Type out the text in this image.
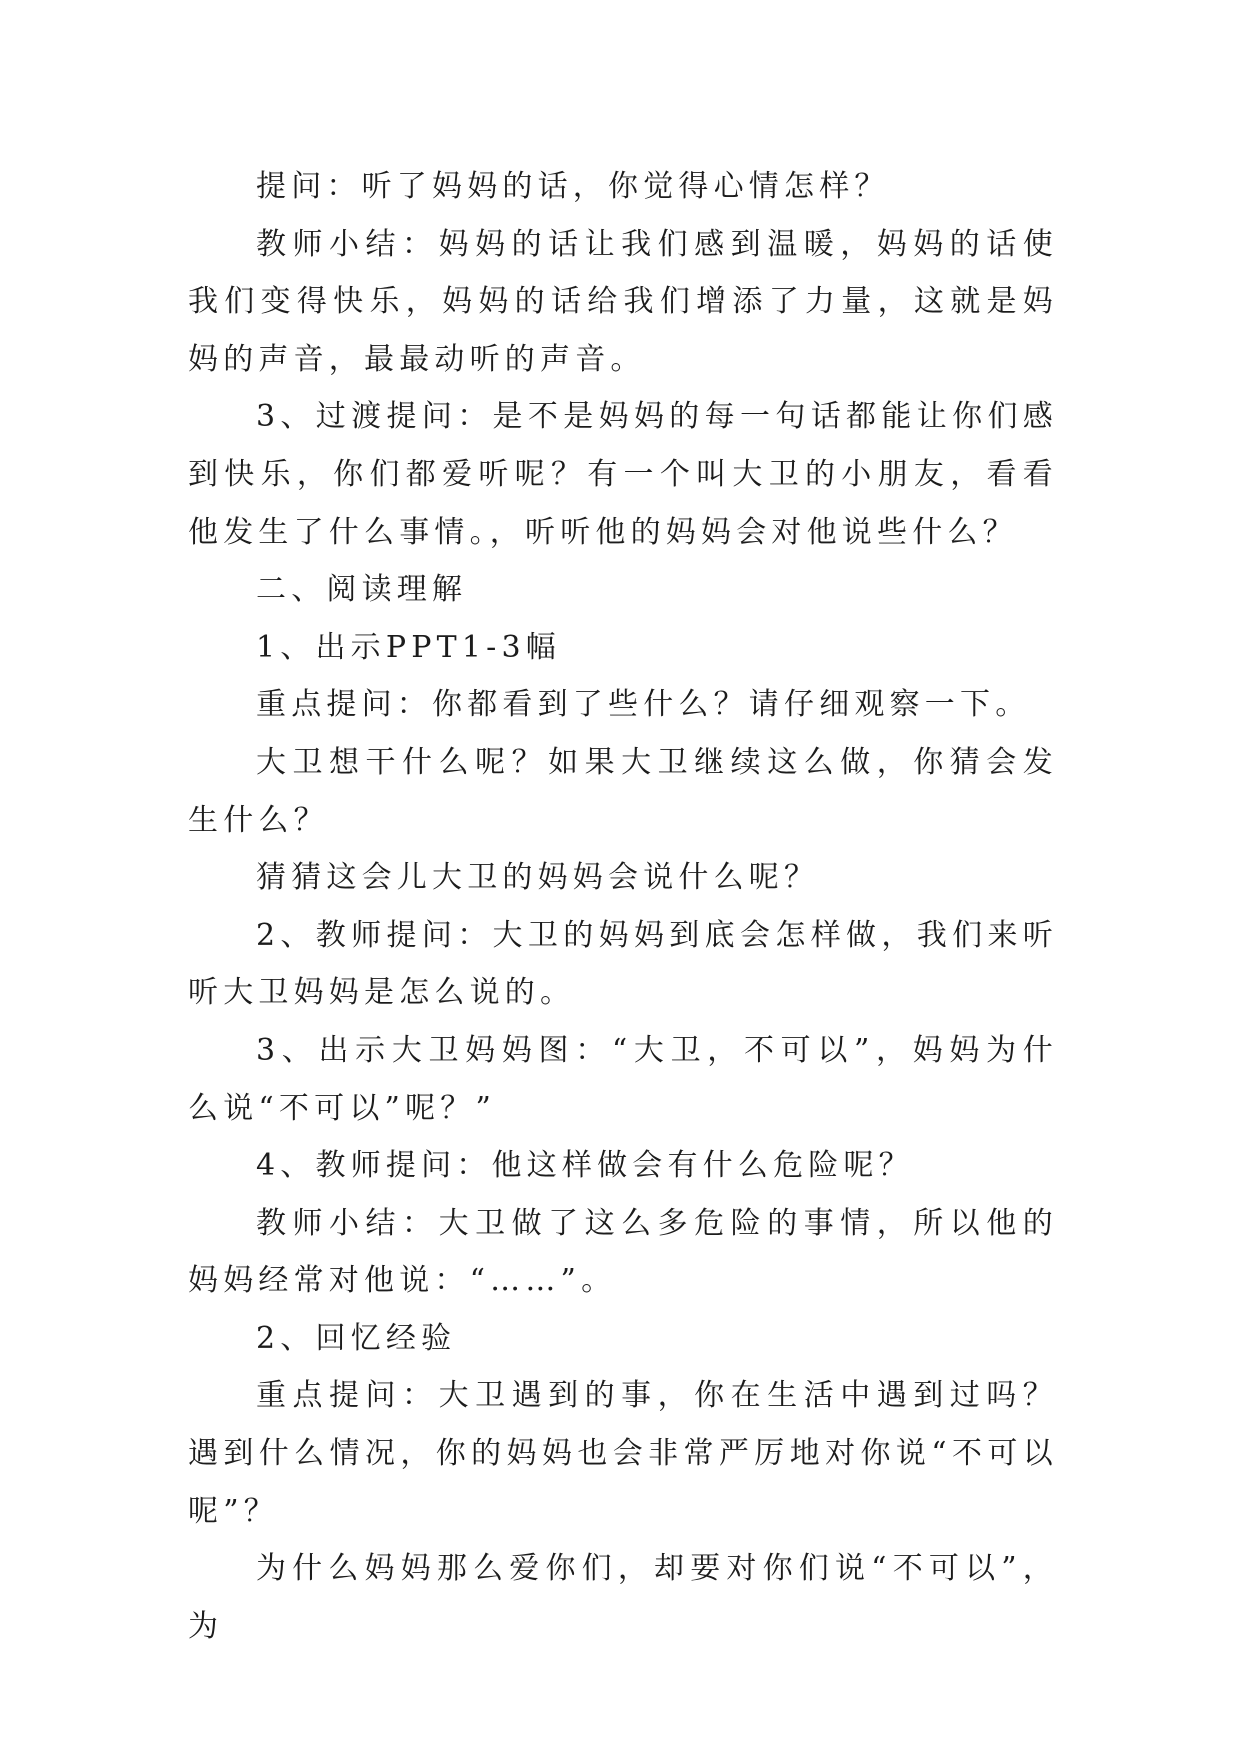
提问：听了妈妈的话，你觉得心情怎样？

教师小结：妈妈的话让我们感到温暖，妈妈的话使我们变得快乐，妈妈的话给我们增添了力量，这就是妈妈的声音，最最动听的声音。

3、过渡提问：是不是妈妈的每一句话都能让你们感到快乐，你们都爱听呢？有一个叫大卫的小朋友，看看他发生了什么事情。，听听他的妈妈会对他说些什么？

二、阅读理解

1、出示PPT1-3幅

重点提问：你都看到了些什么？请仔细观察一下。

大卫想干什么呢？如果大卫继续这么做，你猜会发生什么？

猜猜这会儿大卫的妈妈会说什么呢？

2、教师提问：大卫的妈妈到底会怎样做，我们来听听大卫妈妈是怎么说的。

3、出示大卫妈妈图：“大卫，不可以”，妈妈为什么说“不可以”呢？”

4、教师提问：他这样做会有什么危险呢？

教师小结：大卫做了这么多危险的事情，所以他的妈妈经常对他说：“……”。

2、回忆经验

重点提问：大卫遇到的事，你在生活中遇到过吗？遇到什么情况，你的妈妈也会非常严厉地对你说“不可以呢”？

为什么妈妈那么爱你们，却要对你们说“不可以”，为
